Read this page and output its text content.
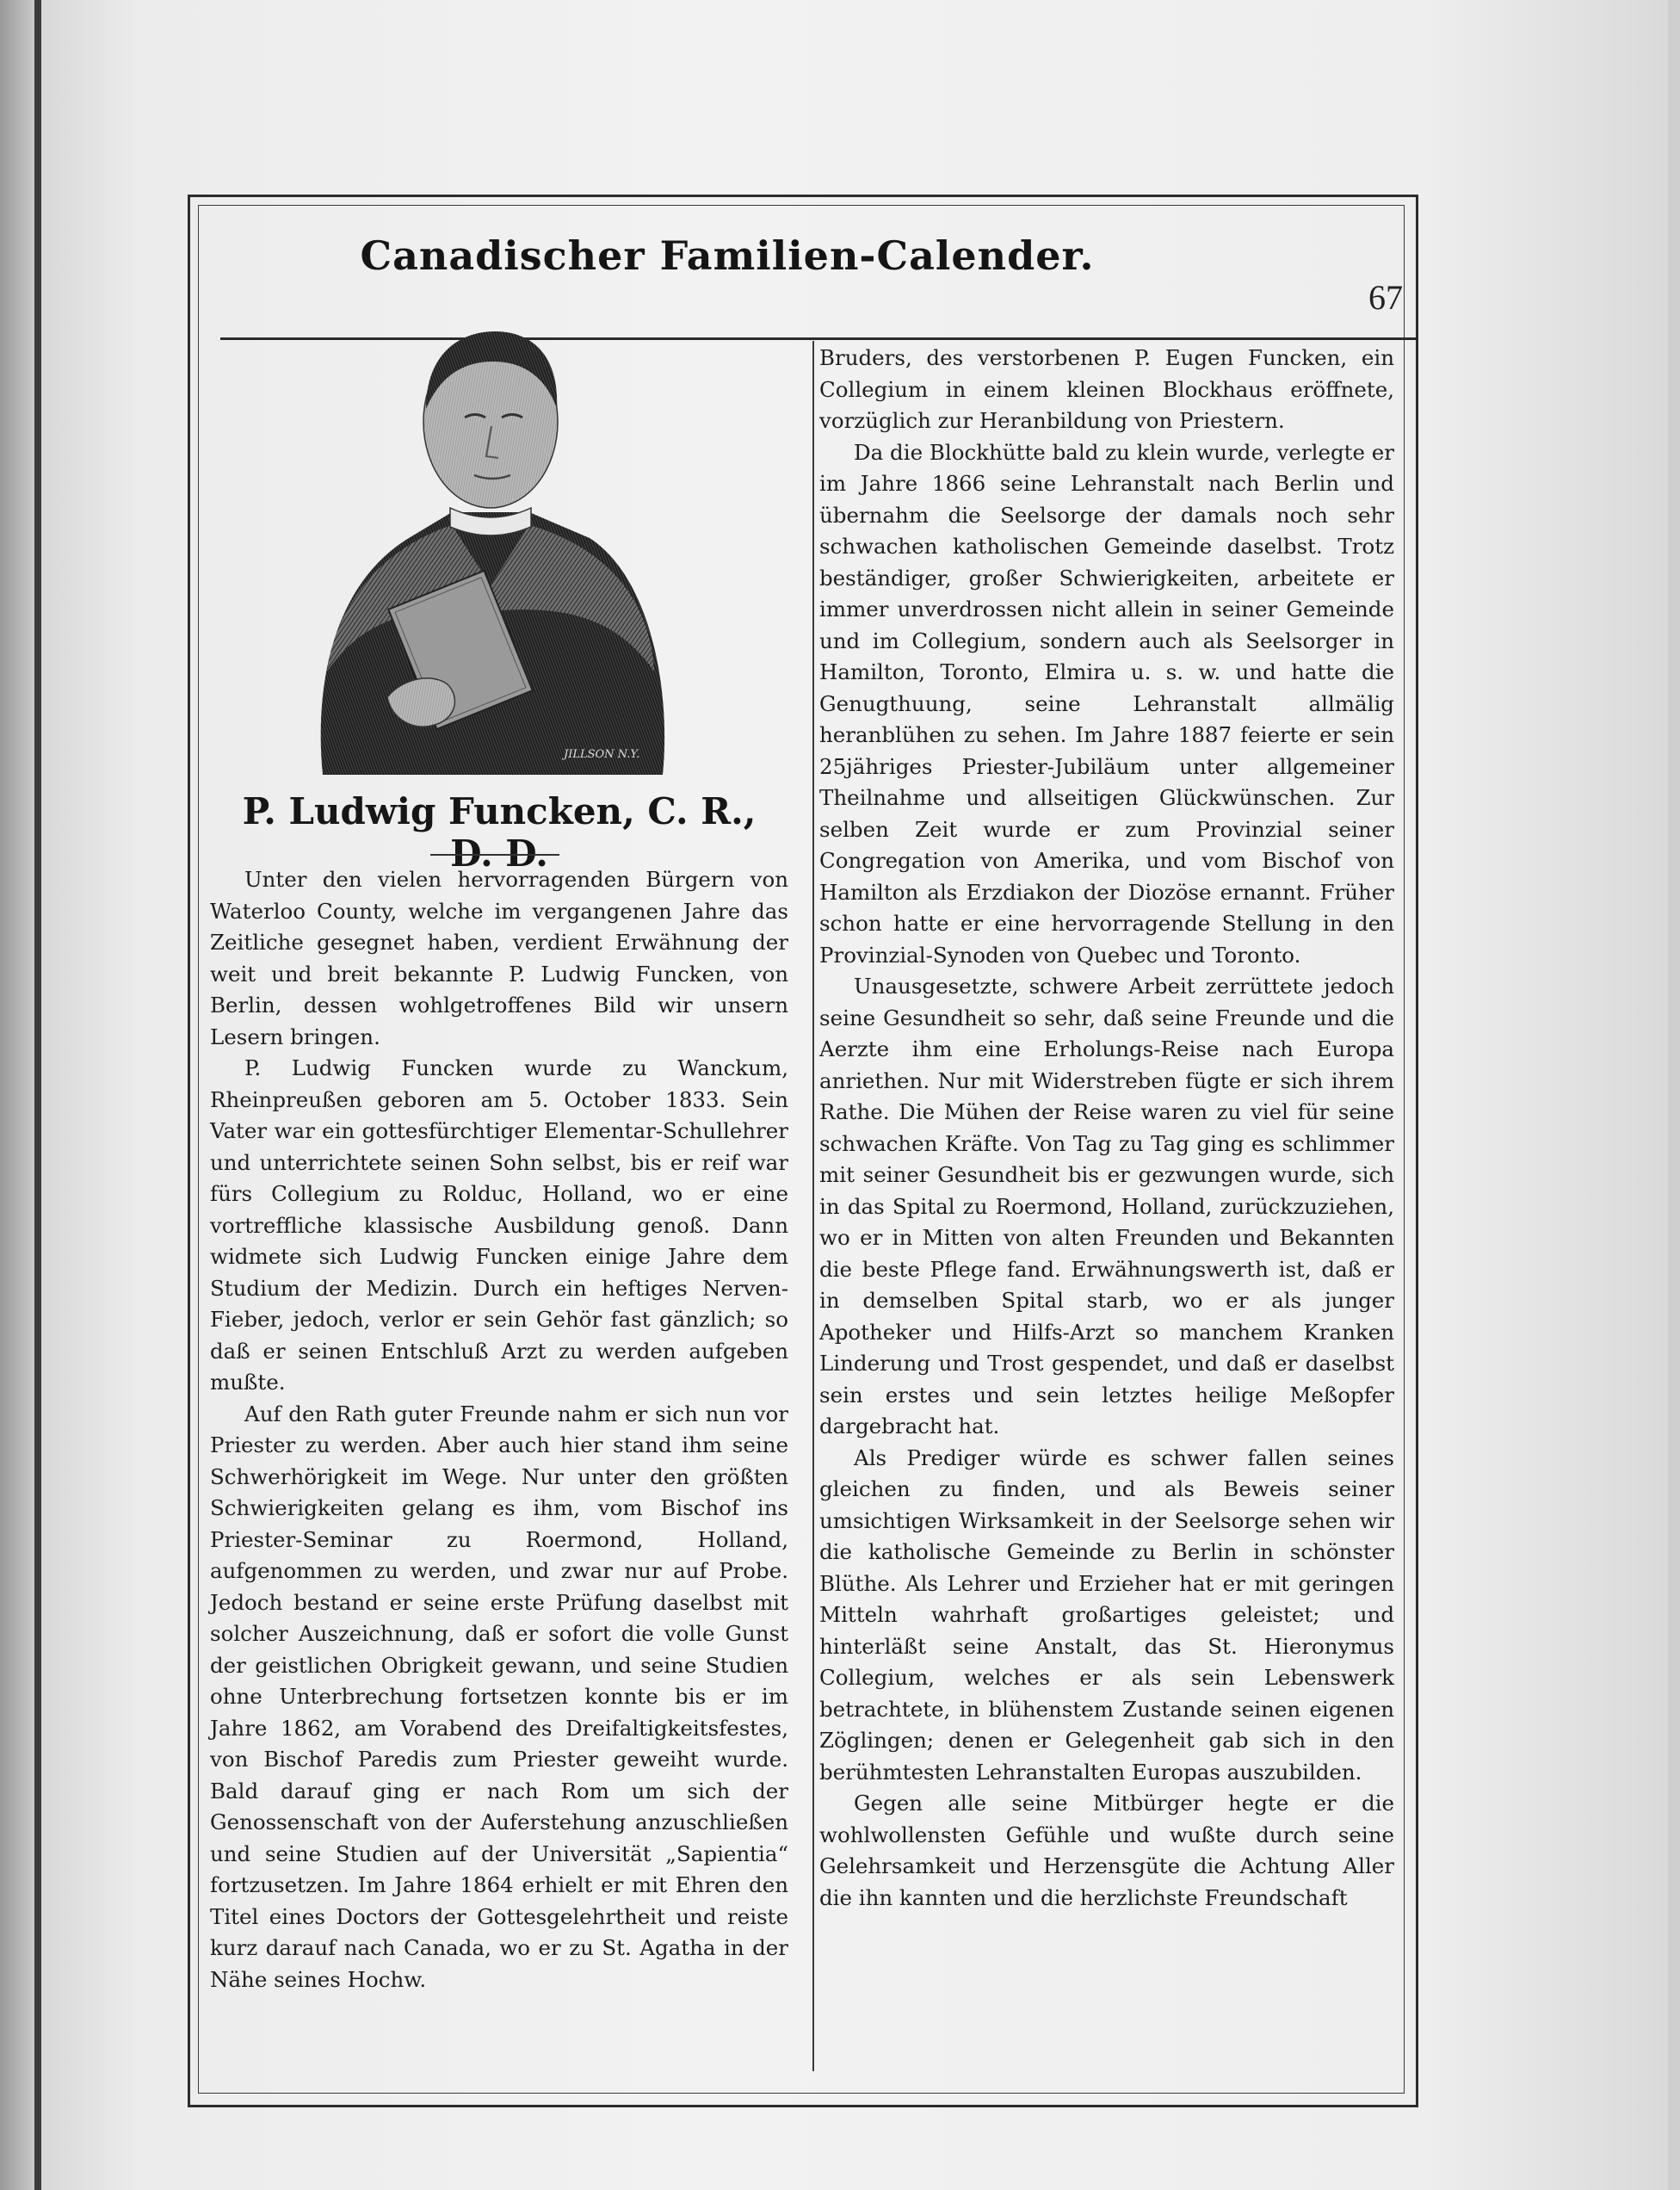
Canadischer Familien-Calender.
67
JILLSON N.Y.
P. Ludwig Funcken, C. R., D. D.

Unter den vielen hervorragenden Bürgern von Waterloo County, welche im vergangenen Jahre das Zeitliche gesegnet haben, verdient Erwähnung der weit und breit bekannte P. Ludwig Funcken, von Berlin, dessen wohlgetroffenes Bild wir unsern Lesern bringen.

P. Ludwig Funcken wurde zu Wanckum, Rheinpreußen geboren am 5. October 1833. Sein Vater war ein gottesfürchtiger Elementar-Schullehrer und unterrichtete seinen Sohn selbst, bis er reif war fürs Collegium zu Rolduc, Holland, wo er eine vortreffliche klassische Ausbildung genoß. Dann widmete sich Ludwig Funcken einige Jahre dem Studium der Medizin. Durch ein heftiges Nerven-Fieber, jedoch, verlor er sein Gehör fast gänzlich; so daß er seinen Entschluß Arzt zu werden aufgeben mußte.

Auf den Rath guter Freunde nahm er sich nun vor Priester zu werden. Aber auch hier stand ihm seine Schwerhörigkeit im Wege. Nur unter den größten Schwierigkeiten gelang es ihm, vom Bischof ins Priester-Seminar zu Roermond, Holland, aufgenommen zu werden, und zwar nur auf Probe. Jedoch bestand er seine erste Prüfung daselbst mit solcher Auszeichnung, daß er sofort die volle Gunst der geistlichen Obrigkeit gewann, und seine Studien ohne Unterbrechung fortsetzen konnte bis er im Jahre 1862, am Vorabend des Dreifaltigkeitsfestes, von Bischof Paredis zum Priester geweiht wurde. Bald darauf ging er nach Rom um sich der Genossenschaft von der Auferstehung anzuschließen und seine Studien auf der Universität „Sapientia“ fortzusetzen. Im Jahre 1864 erhielt er mit Ehren den Titel eines Doctors der Gottesgelehrtheit und reiste kurz darauf nach Canada, wo er zu St. Agatha in der Nähe seines Hochw.

Bruders, des verstorbenen P. Eugen Funcken, ein Collegium in einem kleinen Blockhaus eröffnete, vorzüglich zur Heranbildung von Priestern.

Da die Blockhütte bald zu klein wurde, verlegte er im Jahre 1866 seine Lehranstalt nach Berlin und übernahm die Seelsorge der damals noch sehr schwachen katholischen Gemeinde daselbst. Trotz beständiger, großer Schwierigkeiten, arbeitete er immer unverdrossen nicht allein in seiner Gemeinde und im Collegium, sondern auch als Seelsorger in Hamilton, Toronto, Elmira u. s. w. und hatte die Genugthuung, seine Lehranstalt allmälig heranblühen zu sehen. Im Jahre 1887 feierte er sein 25jähriges Priester-Jubiläum unter allgemeiner Theilnahme und allseitigen Glückwünschen. Zur selben Zeit wurde er zum Provinzial seiner Congregation von Amerika, und vom Bischof von Hamilton als Erzdiakon der Diozöse ernannt. Früher schon hatte er eine hervorragende Stellung in den Provinzial-Synoden von Quebec und Toronto.

Unausgesetzte, schwere Arbeit zerrüttete jedoch seine Gesundheit so sehr, daß seine Freunde und die Aerzte ihm eine Erholungs-Reise nach Europa anriethen. Nur mit Widerstreben fügte er sich ihrem Rathe. Die Mühen der Reise waren zu viel für seine schwachen Kräfte. Von Tag zu Tag ging es schlimmer mit seiner Gesundheit bis er gezwungen wurde, sich in das Spital zu Roermond, Holland, zurückzuziehen, wo er in Mitten von alten Freunden und Bekannten die beste Pflege fand. Erwähnungswerth ist, daß er in demselben Spital starb, wo er als junger Apotheker und Hilfs-Arzt so manchem Kranken Linderung und Trost gespendet, und daß er daselbst sein erstes und sein letztes heilige Meßopfer dargebracht hat.

Als Prediger würde es schwer fallen seines gleichen zu finden, und als Beweis seiner umsichtigen Wirksamkeit in der Seelsorge sehen wir die katholische Gemeinde zu Berlin in schönster Blüthe. Als Lehrer und Erzieher hat er mit geringen Mitteln wahrhaft großartiges geleistet; und hinterläßt seine Anstalt, das St. Hieronymus Collegium, welches er als sein Lebenswerk betrachtete, in blühenstem Zustande seinen eigenen Zöglingen; denen er Gelegenheit gab sich in den berühmtesten Lehranstalten Europas auszubilden.

Gegen alle seine Mitbürger hegte er die wohlwollensten Gefühle und wußte durch seine Gelehrsamkeit und Herzensgüte die Achtung Aller die ihn kannten und die herzlichste Freundschaft
